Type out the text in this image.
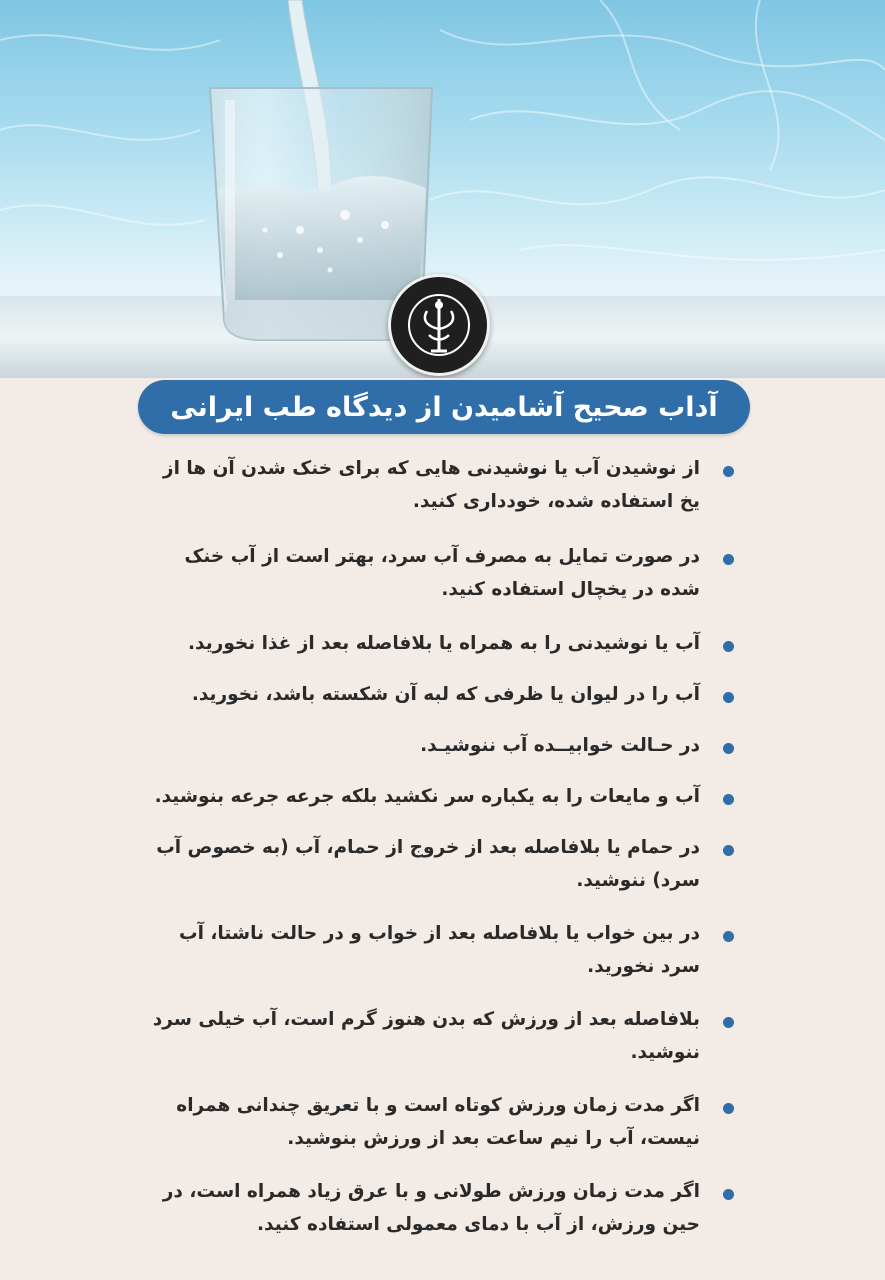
آداب صحیح آشامیدن از دیدگاه طب ایرانی
از نوشیدن آب یا نوشیدنی هایی که برای خنک شدن آن ها از یخ استفاده شده، خودداری کنید.
در صورت تمایل به مصرف آب سرد، بهتر است از آب خنک شده در یخچال استفاده کنید.
آب یا نوشیدنی را به همراه یا بلافاصله بعد از غذا نخورید.
آب را در لیوان یا ظرفی که لبه آن شکسته باشد، نخورید.
در حـالت خوابیــده آب ننوشیـد.
آب و مایعات را به یکباره سر نکشید بلکه جرعه جرعه بنوشید.
در حمام یا بلافاصله بعد از خروج از حمام، آب (به خصوص آب سرد) ننوشید.
در بین خواب یا بلافاصله بعد از خواب و در حالت ناشتا، آب سرد نخورید.
بلافاصله بعد از ورزش که بدن هنوز گرم است، آب خیلی سرد ننوشید.
اگر مدت زمان ورزش کوتاه است و با تعریق چندانی همراه نیست، آب را نیم ساعت بعد از ورزش بنوشید.
اگر مدت زمان ورزش طولانی و با عرق زیاد همراه است، در حین ورزش، از آب با دمای معمولی استفاده کنید.
